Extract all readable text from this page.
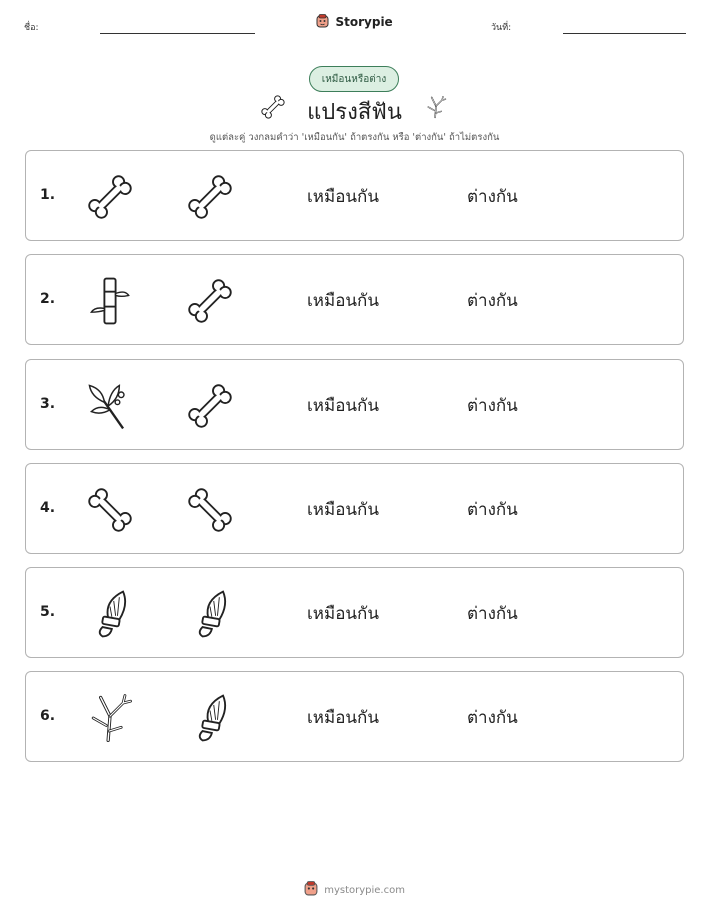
ชื่อ:	Storypie	วันที่:
เหมือนหรือต่าง
แปรงสีฟัน
ดูแต่ละคู่ วงกลมคำว่า 'เหมือนกัน' ถ้าตรงกัน หรือ 'ต่างกัน' ถ้าไม่ตรงกัน
1.	เหมือนกัน	ต่างกัน
2.	เหมือนกัน	ต่างกัน
3.	เหมือนกัน	ต่างกัน
4.	เหมือนกัน	ต่างกัน
5.	เหมือนกัน	ต่างกัน
6.	เหมือนกัน	ต่างกัน
mystorypie.com
